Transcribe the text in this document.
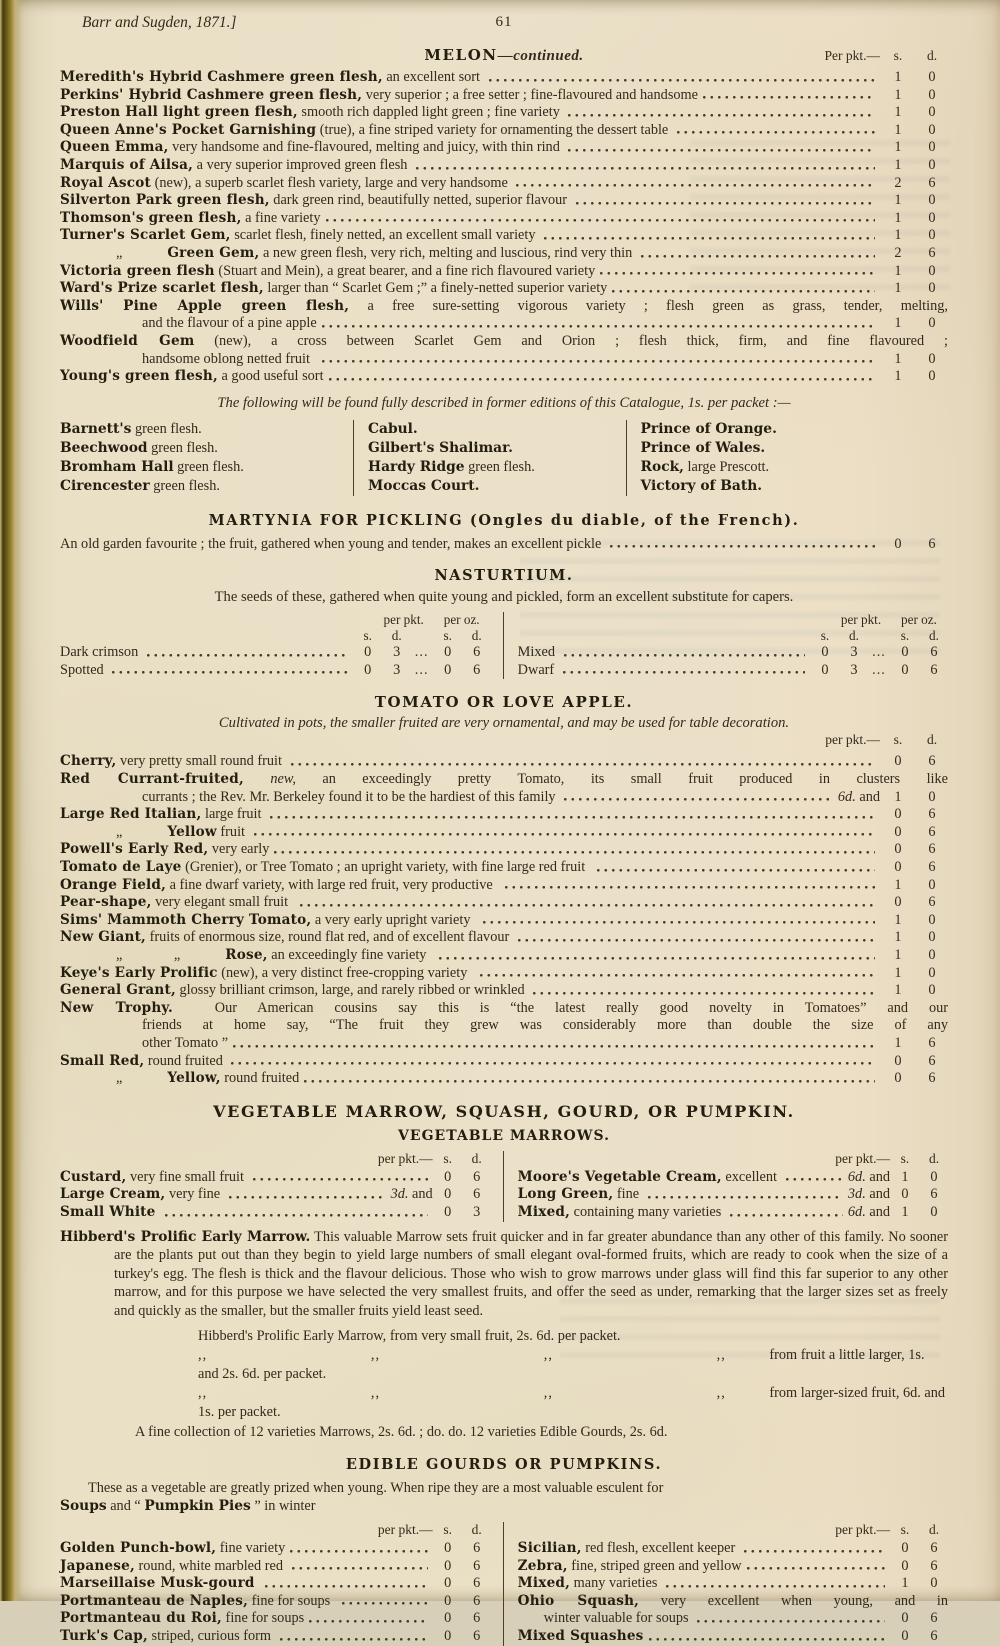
Barr and Sugden, 1871.]	61
MELON—continued.	Per pkt.—	s.	d.
Meredith's Hybrid Cashmere green flesh, an excellent sort	1	0
Perkins' Hybrid Cashmere green flesh, very superior ; a free setter ; fine-flavoured and handsome	1	0
Preston Hall light green flesh, smooth rich dappled light green ; fine variety	1	0
Queen Anne's Pocket Garnishing (true), a fine striped variety for ornamenting the dessert table	1	0
Queen Emma, very handsome and fine-flavoured, melting and juicy, with thin rind	1	0
Marquis of Ailsa, a very superior improved green flesh	1	0
Royal Ascot (new), a superb scarlet flesh variety, large and very handsome	2	6
Silverton Park green flesh, dark green rind, beautifully netted, superior flavour	1	0
Thomson's green flesh, a fine variety	1	0
Turner's Scarlet Gem, scarlet flesh, finely netted, an excellent small variety	1	0
„	Green Gem, a new green flesh, very rich, melting and luscious, rind very thin	2	6
Victoria green flesh (Stuart and Mein), a great bearer, and a fine rich flavoured variety	1	0
Ward's Prize scarlet flesh, larger than “ Scarlet Gem ;” a finely-netted superior variety	1	0
Wills' Pine Apple green flesh, a free sure-setting vigorous variety ; flesh green as grass, tender, melting,
and the flavour of a pine apple	1	0
Woodfield Gem (new), a cross between Scarlet Gem and Orion ; flesh thick, firm, and fine flavoured ;
handsome oblong netted fruit	1	0
Young's green flesh, a good useful sort	1	0
The following will be found fully described in former editions of this Catalogue, 1s. per packet :—
Barnett's green flesh.
Beechwood green flesh.
Bromham Hall green flesh.
Cirencester green flesh.
Cabul.
Gilbert's Shalimar.
Hardy Ridge green flesh.
Moccas Court.
Prince of Orange.
Prince of Wales.
Rock, large Prescott.
Victory of Bath.
MARTYNIA FOR PICKLING (Ongles du diable, of the French).
An old garden favourite ; the fruit, gathered when young and tender, makes an excellent pickle	0	6
NASTURTIUM.
The seeds of these, gathered when quite young and pickled, form an excellent substitute for capers.
per pkt.	per oz.
s.	d.	s.	d.
Dark crimson	0	3	...	0	6
Spotted	0	3	...	0	6
per pkt.	per oz.
s.	d.	s.	d.
Mixed	0	3	...	0	6
Dwarf	0	3	...	0	6
TOMATO OR LOVE APPLE.
Cultivated in pots, the smaller fruited are very ornamental, and may be used for table decoration.
per pkt.—	s.	d.
Cherry, very pretty small round fruit	0	6
Red Currant-fruited, new, an exceedingly pretty Tomato, its small fruit produced in clusters like
currants ; the Rev. Mr. Berkeley found it to be the hardiest of this family	6d. and	1	0
Large Red Italian, large fruit	0	6
„	Yellow fruit	0	6
Powell's Early Red, very early	0	6
Tomato de Laye (Grenier), or Tree Tomato ; an upright variety, with fine large red fruit	0	6
Orange Field, a fine dwarf variety, with large red fruit, very productive	1	0
Pear-shape, very elegant small fruit	0	6
Sims' Mammoth Cherry Tomato, a very early upright variety	1	0
New Giant, fruits of enormous size, round flat red, and of excellent flavour	1	0
„ „	Rose, an exceedingly fine variety	1	0
Keye's Early Prolific (new), a very distinct free-cropping variety	1	0
General Grant, glossy brilliant crimson, large, and rarely ribbed or wrinkled	1	0
New Trophy.  Our American cousins say this is “the latest really good novelty in Tomatoes” and our
friends at home say, “The fruit they grew was considerably more than double the size of any
other Tomato ”	1	6
Small Red, round fruited	0	6
„	Yellow, round fruited	0	6
VEGETABLE MARROW, SQUASH, GOURD, OR PUMPKIN.
VEGETABLE MARROWS.
per pkt.— s.	d.
Custard, very fine small fruit	0	6
Large Cream, very fine	3d. and 0	6
Small White	0	3
per pkt.— s.	d.
Moore's Vegetable Cream, excellent	6d. and 1	0
Long Green, fine	3d. and 0	6
Mixed, containing many varieties	6d. and 1	0
Hibberd's Prolific Early Marrow. This valuable Marrow sets fruit quicker and in far greater abundance than any other of this family. No sooner are the plants put out than they begin to yield large numbers of small elegant oval-formed fruits, which are ready to cook when the size of a turkey's egg. The flesh is thick and the flavour delicious. Those who wish to grow marrows under glass will find this far superior to any other marrow, and for this purpose we have selected the very smallest fruits, and offer the seed as under, remarking that the larger sizes set as freely and quickly as the smaller, but the smaller fruits yield least seed.
Hibberd's Prolific Early Marrow, from very small fruit, 2s. 6d. per packet.
,,   ,,   ,,   ,,	from fruit a little larger, 1s. and 2s. 6d. per packet.
,,   ,,   ,,   ,,	from larger-sized fruit, 6d. and 1s. per packet.
A fine collection of 12 varieties Marrows, 2s. 6d. ; do. do. 12 varieties Edible Gourds, 2s. 6d.
EDIBLE GOURDS OR PUMPKINS.
These as a vegetable are greatly prized when young. When ripe they are a most valuable esculent for
Soups and “ Pumpkin Pies ” in winter
per pkt.— s.	d.
Golden Punch-bowl, fine variety	0	6
Japanese, round, white marbled red	0	6
Marseillaise Musk-gourd	0	6
Portmanteau de Naples, fine for soups	0	6
Portmanteau du Roi, fine for soups	0	6
Turk's Cap, striped, curious form	0	6
per pkt.— s.	d.
Sicilian, red flesh, excellent keeper	0	6
Zebra, fine, striped green and yellow	0	6
Mixed, many varieties	1	0
Ohio Squash, very excellent when young, and in
winter valuable for soups	0	6
Mixed Squashes	0	6
